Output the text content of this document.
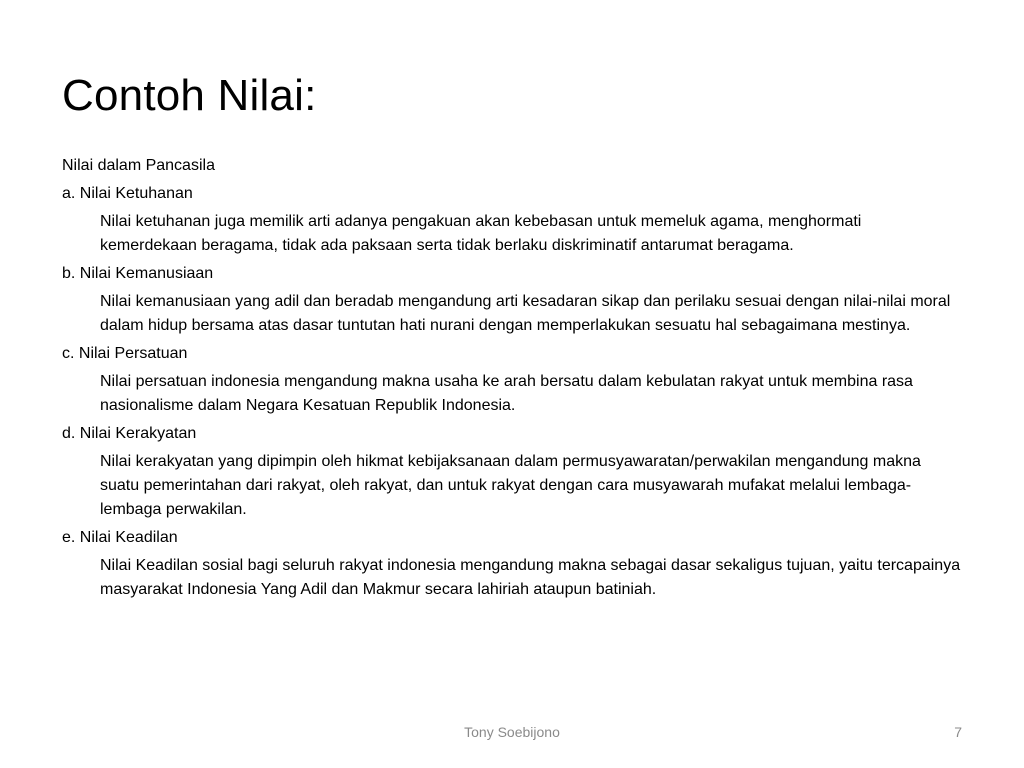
Contoh Nilai:

Nilai dalam Pancasila

a. Nilai Ketuhanan

Nilai ketuhanan juga memilik arti adanya pengakuan akan kebebasan untuk memeluk agama, menghormati kemerdekaan beragama, tidak ada paksaan serta tidak berlaku diskriminatif antarumat beragama.

b. Nilai Kemanusiaan

Nilai kemanusiaan yang adil dan beradab mengandung arti kesadaran sikap dan perilaku sesuai dengan nilai-nilai moral dalam hidup bersama atas dasar tuntutan hati nurani dengan memperlakukan sesuatu hal sebagaimana mestinya.

c. Nilai Persatuan

Nilai persatuan indonesia mengandung makna usaha ke arah bersatu dalam kebulatan rakyat untuk membina rasa nasionalisme dalam Negara Kesatuan Republik Indonesia.

d. Nilai Kerakyatan

Nilai kerakyatan yang dipimpin oleh hikmat kebijaksanaan dalam permusyawaratan/perwakilan mengandung makna suatu pemerintahan dari rakyat, oleh rakyat, dan untuk rakyat dengan cara musyawarah mufakat melalui lembaga-lembaga perwakilan.

e. Nilai Keadilan

Nilai Keadilan sosial bagi seluruh rakyat indonesia mengandung makna sebagai dasar sekaligus tujuan, yaitu tercapainya masyarakat Indonesia Yang Adil dan Makmur secara lahiriah ataupun batiniah.

Tony Soebijono	7
